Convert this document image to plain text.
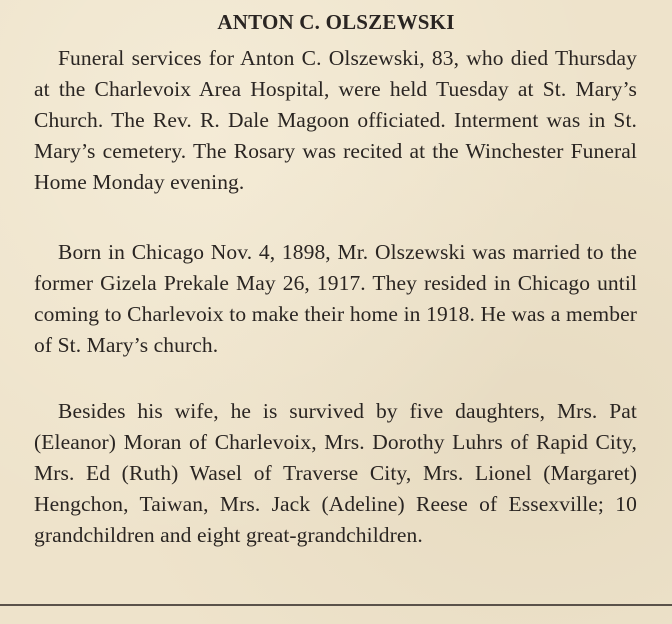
ANTON C. OLSZEWSKI

Funeral services for Anton C. Olszewski, 83, who died Thursday at the Charlevoix Area Hospital, were held Tuesday at St. Mary’s Church. The Rev. R. Dale Magoon officiated. Interment was in St. Mary’s cemetery. The Rosary was recited at the Winchester Funeral Home Monday evening.

Born in Chicago Nov. 4, 1898, Mr. Olszewski was married to the former Gizela Prekale May 26, 1917. They resided in Chicago until coming to Charlevoix to make their home in 1918. He was a member of St. Mary’s church.

Besides his wife, he is survived by five daughters, Mrs. Pat (Eleanor) Moran of Charlevoix, Mrs. Dorothy Luhrs of Rapid City, Mrs. Ed (Ruth) Wasel of Traverse City, Mrs. Lionel (Margaret) Hengchon, Taiwan, Mrs. Jack (Adeline) Reese of Essexville; 10 grandchildren and eight great-grandchildren.
